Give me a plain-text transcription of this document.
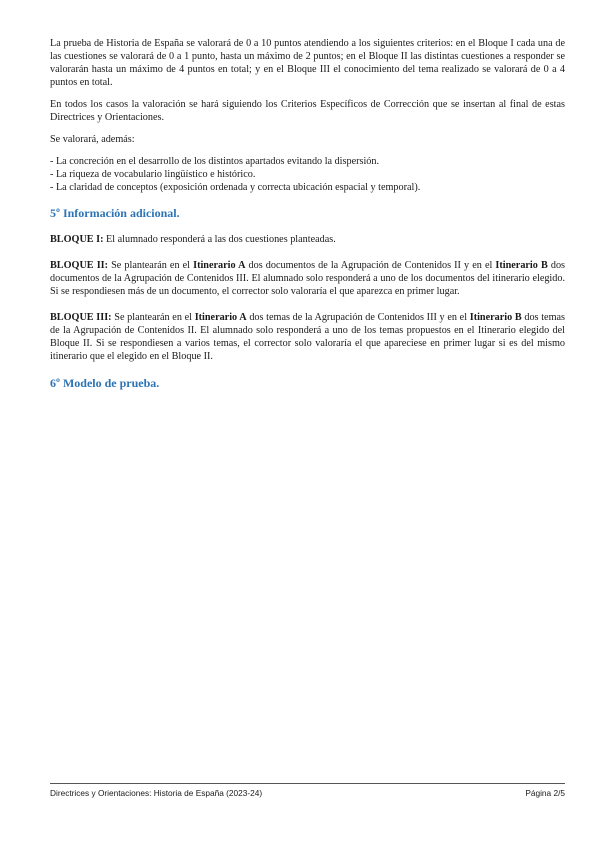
La prueba de Historia de España se valorará de 0 a 10 puntos atendiendo a los siguientes criterios: en el Bloque I cada una de las cuestiones se valorará de 0 a 1 punto, hasta un máximo de 2 puntos; en el Bloque II las distintas cuestiones a responder se valorarán hasta un máximo de 4 puntos en total; y en el Bloque III el conocimiento del tema realizado se valorará de 0 a 4 puntos en total.

En todos los casos la valoración se hará siguiendo los Criterios Específicos de Corrección que se insertan al final de estas Directrices y Orientaciones.

Se valorará, además:

- La concreción en el desarrollo de los distintos apartados evitando la dispersión.

- La riqueza de vocabulario lingüístico e histórico.

- La claridad de conceptos (exposición ordenada y correcta ubicación espacial y temporal).

5º Información adicional.

BLOQUE I: El alumnado responderá a las dos cuestiones planteadas.

BLOQUE II: Se plantearán en el Itinerario A dos documentos de la Agrupación de Contenidos II y en el Itinerario B dos documentos de la Agrupación de Contenidos III. El alumnado solo responderá a uno de los documentos del itinerario elegido. Si se respondiesen más de un documento, el corrector solo valoraría el que aparezca en primer lugar.

BLOQUE III: Se plantearán en el Itinerario A dos temas de la Agrupación de Contenidos III y en el Itinerario B dos temas de la Agrupación de Contenidos II. El alumnado solo responderá a uno de los temas propuestos en el Itinerario elegido del Bloque II. Si se respondiesen a varios temas, el corrector solo valoraría el que apareciese en primer lugar si es del mismo itinerario que el elegido en el Bloque II.

6º Modelo de prueba.
Directrices y Orientaciones: Historia de España (2023-24)	Página 2/5
